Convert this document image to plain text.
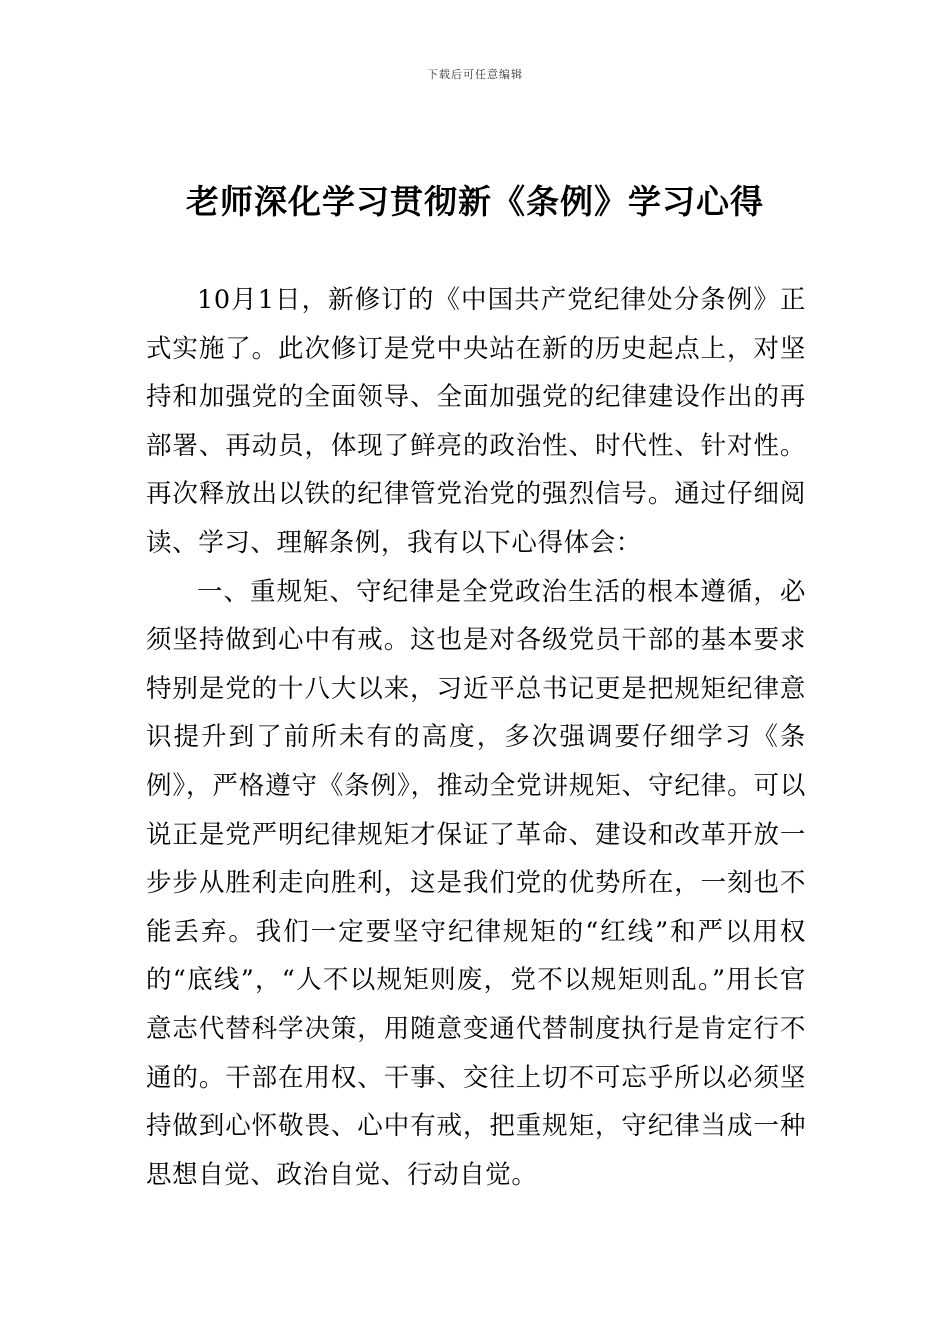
下载后可任意编辑
老师深化学习贯彻新《条例》学习心得

10月1日，新修订的《中国共产党纪律处分条例》正式实施了。此次修订是党中央站在新的历史起点上，对坚持和加强党的全面领导、全面加强党的纪律建设作出的再部署、再动员，体现了鲜亮的政治性、时代性、针对性。再次释放出以铁的纪律管党治党的强烈信号。通过仔细阅读、学习、理解条例，我有以下心得体会：

一、重规矩、守纪律是全党政治生活的根本遵循，必须坚持做到心中有戒。这也是对各级党员干部的基本要求特别是党的十八大以来，习近平总书记更是把规矩纪律意识提升到了前所未有的高度，多次强调要仔细学习《条例》，严格遵守《条例》，推动全党讲规矩、守纪律。可以说正是党严明纪律规矩才保证了革命、建设和改革开放一步步从胜利走向胜利，这是我们党的优势所在，一刻也不能丢弃。我们一定要坚守纪律规矩的“红线”和严以用权的“底线”，“人不以规矩则废，党不以规矩则乱。”用长官意志代替科学决策，用随意变通代替制度执行是肯定行不通的。干部在用权、干事、交往上切不可忘乎所以必须坚持做到心怀敬畏、心中有戒，把重规矩，守纪律当成一种思想自觉、政治自觉、行动自觉。
